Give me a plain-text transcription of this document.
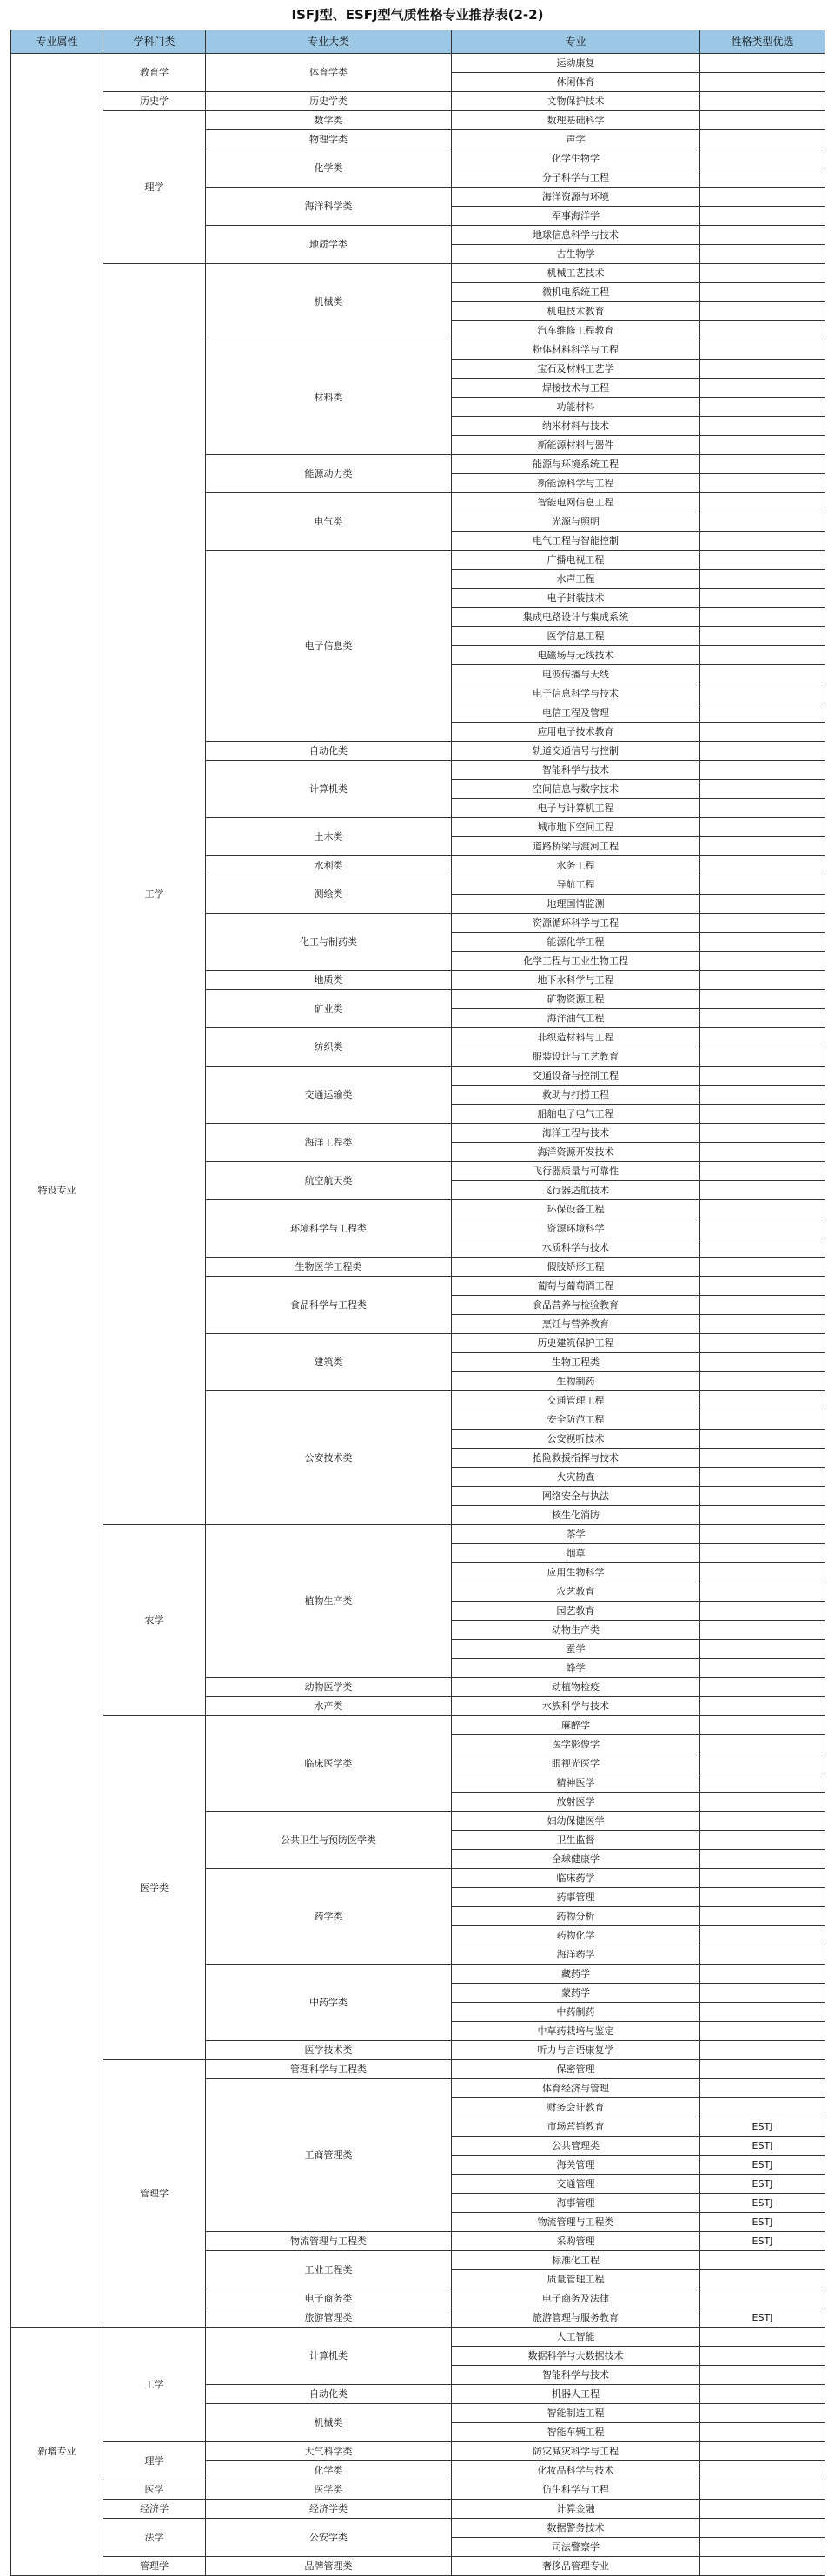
ISFJ型、ESFJ型气质性格专业推荐表(2-2)
专业属性	学科门类	专业大类	专业	性格类型优选
特设专业	教育学	体育学类	运动康复	
			休闲体育	
	历史学	历史学类	文物保护技术	
	理学	数学类	数理基础科学	
		物理学类	声学	
		化学类	化学生物学	
			分子科学与工程	
		海洋科学类	海洋资源与环境	
			军事海洋学	
		地质学类	地球信息科学与技术	
			古生物学	
	工学	机械类	机械工艺技术	
			微机电系统工程	
			机电技术教育	
			汽车维修工程教育	
		材料类	粉体材料科学与工程	
			宝石及材料工艺学	
			焊接技术与工程	
			功能材料	
			纳米材料与技术	
			新能源材料与器件	
		能源动力类	能源与环境系统工程	
			新能源科学与工程	
		电气类	智能电网信息工程	
			光源与照明	
			电气工程与智能控制	
		电子信息类	广播电视工程	
			水声工程	
			电子封装技术	
			集成电路设计与集成系统	
			医学信息工程	
			电磁场与无线技术	
			电波传播与天线	
			电子信息科学与技术	
			电信工程及管理	
			应用电子技术教育	
		自动化类	轨道交通信号与控制	
		计算机类	智能科学与技术	
			空间信息与数字技术	
			电子与计算机工程	
		土木类	城市地下空间工程	
			道路桥梁与渡河工程	
		水利类	水务工程	
		测绘类	导航工程	
			地理国情监测	
		化工与制药类	资源循环科学与工程	
			能源化学工程	
			化学工程与工业生物工程	
		地质类	地下水科学与工程	
		矿业类	矿物资源工程	
			海洋油气工程	
		纺织类	非织造材料与工程	
			服装设计与工艺教育	
		交通运输类	交通设备与控制工程	
			救助与打捞工程	
			船舶电子电气工程	
		海洋工程类	海洋工程与技术	
			海洋资源开发技术	
		航空航天类	飞行器质量与可靠性	
			飞行器适航技术	
		环境科学与工程类	环保设备工程	
			资源环境科学	
			水质科学与技术	
		生物医学工程类	假肢矫形工程	
		食品科学与工程类	葡萄与葡萄酒工程	
			食品营养与检验教育	
			烹饪与营养教育	
		建筑类	历史建筑保护工程	
			生物工程类	
			生物制药	
		公安技术类	交通管理工程	
			安全防范工程	
			公安视听技术	
			抢险救援指挥与技术	
			火灾勘查	
			网络安全与执法	
			核生化消防	
	农学	植物生产类	茶学	
			烟草	
			应用生物科学	
			农艺教育	
			园艺教育	
			动物生产类	
			蚕学	
			蜂学	
		动物医学类	动植物检疫	
		水产类	水族科学与技术	
	医学类	临床医学类	麻醉学	
			医学影像学	
			眼视光医学	
			精神医学	
			放射医学	
		公共卫生与预防医学类	妇幼保健医学	
			卫生监督	
			全球健康学	
		药学类	临床药学	
			药事管理	
			药物分析	
			药物化学	
			海洋药学	
		中药学类	藏药学	
			蒙药学	
			中药制药	
			中草药栽培与鉴定	
		医学技术类	听力与言语康复学	
	管理学	管理科学与工程类	保密管理	
		工商管理类	体育经济与管理	
			财务会计教育	
			市场营销教育	ESTJ
			公共管理类	ESTJ
			海关管理	ESTJ
			交通管理	ESTJ
			海事管理	ESTJ
			物流管理与工程类	ESTJ
		物流管理与工程类	采购管理	ESTJ
		工业工程类	标准化工程	
			质量管理工程	
		电子商务类	电子商务及法律	
		旅游管理类	旅游管理与服务教育	ESTJ
新增专业	工学	计算机类	人工智能	
			数据科学与大数据技术	
			智能科学与技术	
		自动化类	机器人工程	
		机械类	智能制造工程	
			智能车辆工程	
	理学	大气科学类	防灾减灾科学与工程	
		化学类	化妆品科学与技术	
	医学	医学类	仿生科学与工程	
	经济学	经济学类	计算金融	
	法学	公安学类	数据警务技术	
			司法警察学	
	管理学	品牌管理类	奢侈品管理专业	
